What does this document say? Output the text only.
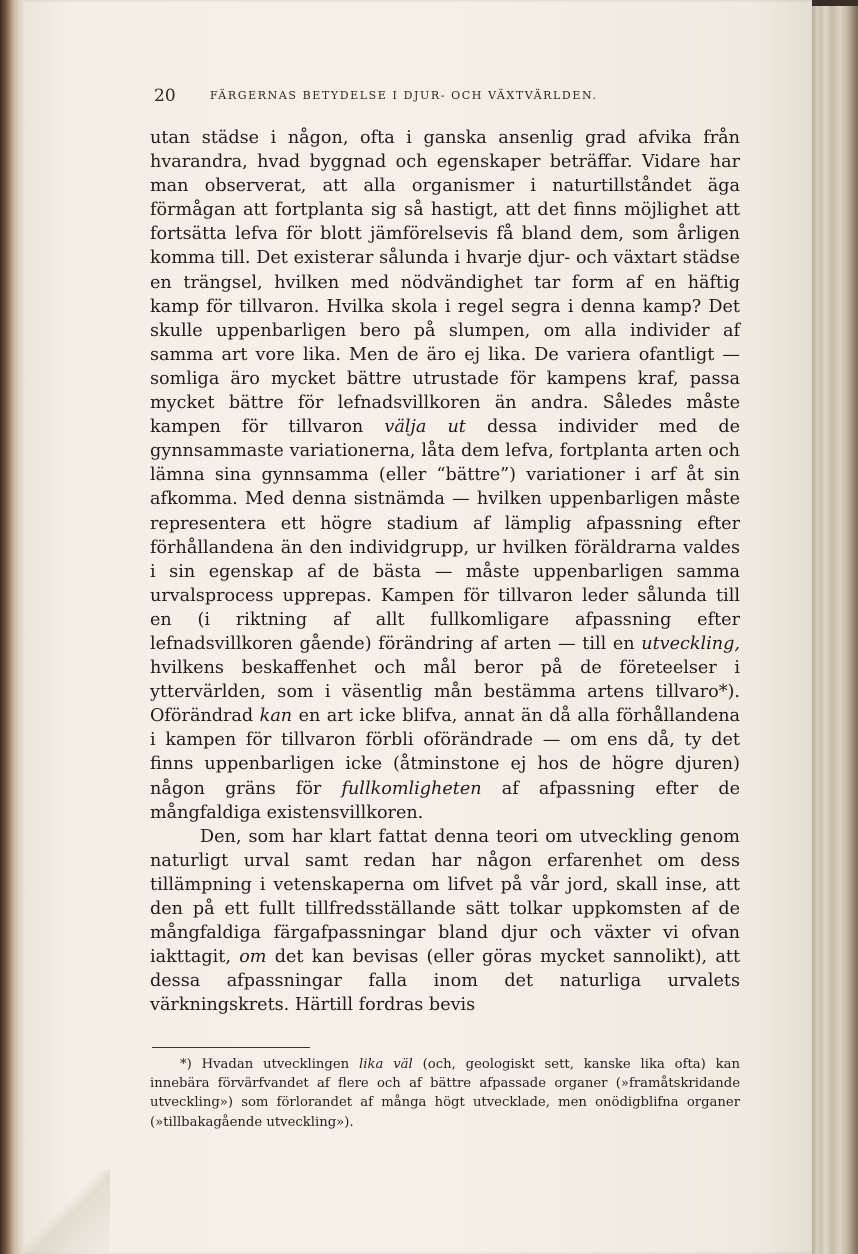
20	FÄRGERNAS BETYDELSE I DJUR- OCH VÄXTVÄRLDEN.

utan städse i någon, ofta i ganska ansenlig grad afvika från hvarandra, hvad byggnad och egenskaper beträffar. Vidare har man observerat, att alla organismer i naturtillståndet äga förmågan att fortplanta sig så hastigt, att det finns möjlighet att fortsätta lefva för blott jämförelsevis få bland dem, som årligen komma till. Det existerar sålunda i hvarje djur- och växtart städse en trängsel, hvilken med nödvändighet tar form af en häftig kamp för tillvaron. Hvilka skola i regel segra i denna kamp? Det skulle uppenbarligen bero på slumpen, om alla individer af samma art vore lika. Men de äro ej lika. De variera ofantligt — somliga äro mycket bättre utrustade för kampens kraf, passa mycket bättre för lefnadsvillkoren än andra. Således måste kampen för tillvaron välja ut dessa individer med de gynnsammaste variationerna, låta dem lefva, fortplanta arten och lämna sina gynnsamma (eller “bättre”) variationer i arf åt sin afkomma. Med denna sistnämda — hvilken uppenbarligen måste representera ett högre stadium af lämplig afpassning efter förhållandena än den individgrupp, ur hvilken föräldrarna valdes i sin egenskap af de bästa — måste uppenbarligen samma urvalsprocess upprepas. Kampen för tillvaron leder sålunda till en (i riktning af allt fullkomligare afpassning efter lefnadsvillkoren gående) förändring af arten — till en utveckling, hvilkens beskaffenhet och mål beror på de företeelser i yttervärlden, som i väsentlig mån bestämma artens tillvaro*). Oförändrad kan en art icke blifva, annat än då alla förhållandena i kampen för tillvaron förbli oförändrade — om ens då, ty det finns uppenbarligen icke (åtminstone ej hos de högre djuren) någon gräns för fullkomligheten af afpassning efter de mångfaldiga existensvillkoren.

Den, som har klart fattat denna teori om utveckling genom naturligt urval samt redan har någon erfarenhet om dess tillämpning i vetenskaperna om lifvet på vår jord, skall inse, att den på ett fullt tillfredsställande sätt tolkar uppkomsten af de mångfaldiga färgafpassningar bland djur och växter vi ofvan iakttagit, om det kan bevisas (eller göras mycket sannolikt), att dessa afpassningar falla inom det naturliga urvalets värkningskrets. Härtill fordras bevis

*) Hvadan utvecklingen lika väl (och, geologiskt sett, kanske lika ofta) kan innebära förvärfvandet af flere och af bättre afpassade organer (»framåtskridande utveckling») som förlorandet af många högt utvecklade, men onödigblifna organer (»tillbakagående utveckling»).
